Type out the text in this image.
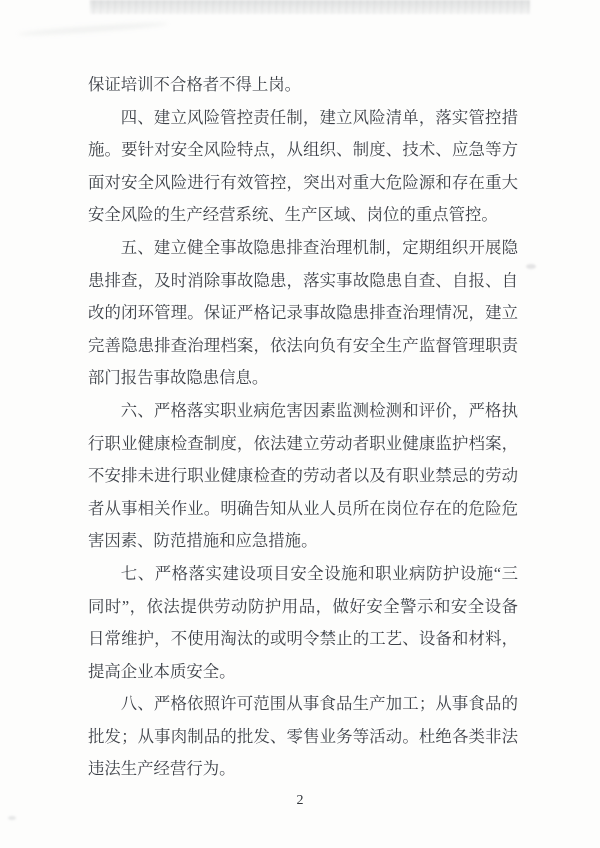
保证培训不合格者不得上岗。

四、建立风险管控责任制，建立风险清单，落实管控措施。要针对安全风险特点，从组织、制度、技术、应急等方面对安全风险进行有效管控，突出对重大危险源和存在重大安全风险的生产经营系统、生产区域、岗位的重点管控。

五、建立健全事故隐患排查治理机制，定期组织开展隐患排查，及时消除事故隐患，落实事故隐患自查、自报、自改的闭环管理。保证严格记录事故隐患排查治理情况，建立完善隐患排查治理档案，依法向负有安全生产监督管理职责部门报告事故隐患信息。

六、严格落实职业病危害因素监测检测和评价，严格执行职业健康检查制度，依法建立劳动者职业健康监护档案，不安排未进行职业健康检查的劳动者以及有职业禁忌的劳动者从事相关作业。明确告知从业人员所在岗位存在的危险危害因素、防范措施和应急措施。

七、严格落实建设项目安全设施和职业病防护设施“三同时”，依法提供劳动防护用品，做好安全警示和安全设备日常维护，不使用淘汰的或明令禁止的工艺、设备和材料，提高企业本质安全。

八、严格依照许可范围从事食品生产加工；从事食品的批发；从事肉制品的批发、零售业务等活动。杜绝各类非法违法生产经营行为。

2
